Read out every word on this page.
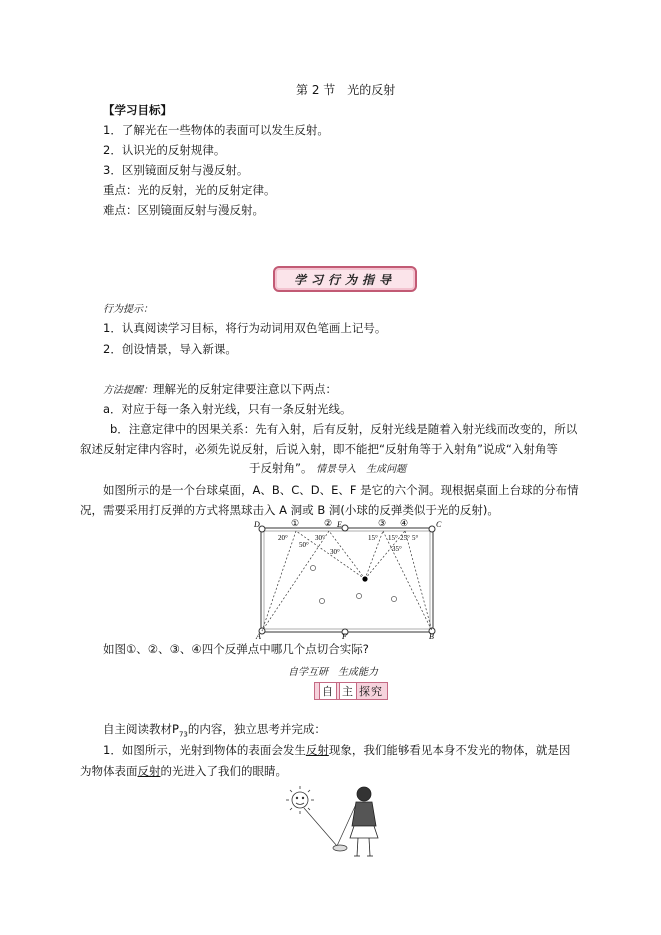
第 2 节　光的反射
【学习目标】
1．了解光在一些物体的表面可以发生反射。
2．认识光的反射规律。
3．区别镜面反射与漫反射。
重点：光的反射，光的反射定律。
难点：区别镜面反射与漫反射。
学习行为指导
行为提示：
1．认真阅读学习目标，将行为动词用双色笔画上记号。
2．创设情景，导入新课。
方法提醒：理解光的反射定律要注意以下两点：
a．对应于每一条入射光线，只有一条反射光线。
b．注意定律中的因果关系：先有入射，后有反射，反射光线是随着入射光线而改变的，所以
叙述反射定律内容时，必须先说反射，后说入射，即不能把“反射角等于入射角”说成“入射角等
于反射角”。 情景导入　生成问题
如图所示的是一个台球桌面，A、B、C、D、E、F 是它的六个洞。现根据桌面上台球的分布情
况，需要采用打反弹的方式将黑球击入 A 洞或 B 洞(小球的反弹类似于光的反射)。
D	E	C
A	F	B
①	②	③ ④
20°
50°
30°
30°
15° 15°
35°
25° 5°
如图①、②、③、④四个反弹点中哪几个点切合实际?
自学互研　生成能力
自 主 探究
自主阅读教材$P_{73}$的内容，独立思考并完成：
1．如图所示，光射到物体的表面会发生反射现象，我们能够看见本身不发光的物体，就是因
为物体表面反射的光进入了我们的眼睛。
